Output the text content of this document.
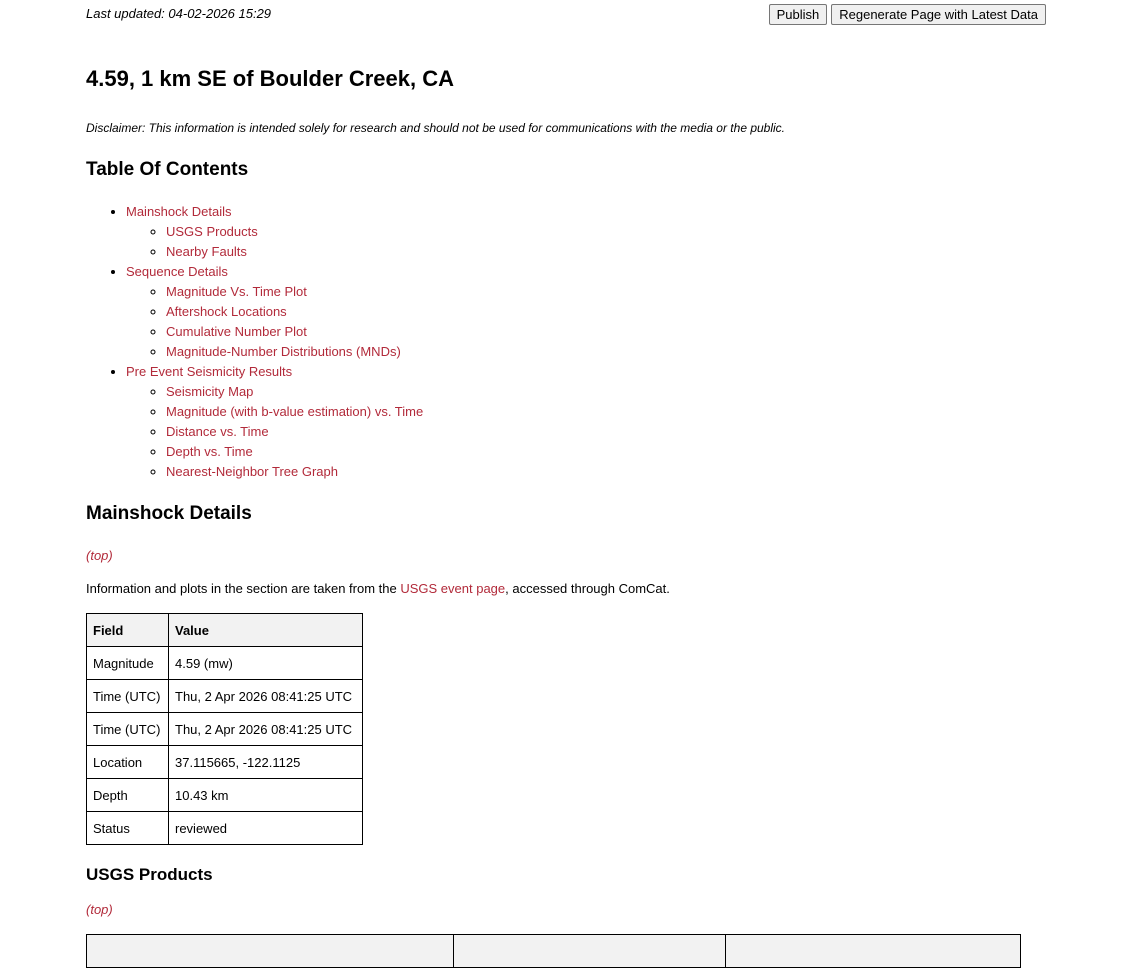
Last updated: 04-02-2026 15:29	Publish	Regenerate Page with Latest Data
4.59, 1 km SE of Boulder Creek, CA

Disclaimer: This information is intended solely for research and should not be used for communications with the media or the public.

Table Of Contents
• Mainshock Details
◦ USGS Products
◦ Nearby Faults
• Sequence Details
◦ Magnitude Vs. Time Plot
◦ Aftershock Locations
◦ Cumulative Number Plot
◦ Magnitude-Number Distributions (MNDs)
• Pre Event Seismicity Results
◦ Seismicity Map
◦ Magnitude (with b-value estimation) vs. Time
◦ Distance vs. Time
◦ Depth vs. Time
◦ Nearest-Neighbor Tree Graph
Mainshock Details
(top)

Information and plots in the section are taken from the USGS event page, accessed through ComCat.

Field	Value
Magnitude	4.59 (mw)
Time (UTC)	Thu, 2 Apr 2026 08:41:25 UTC
Time (UTC)	Thu, 2 Apr 2026 08:41:25 UTC
Location	37.115665, -122.1125
Depth	10.43 km
Status	reviewed
USGS Products
(top)
